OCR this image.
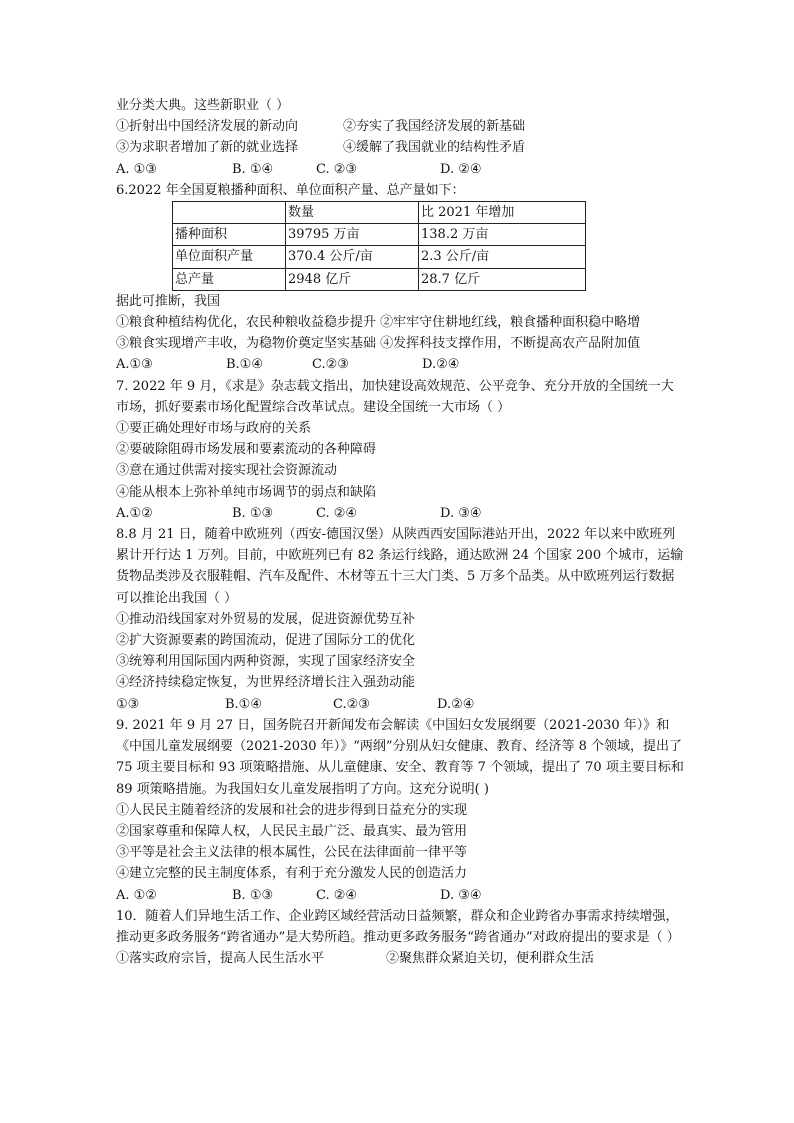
业分类大典。这些新职业（ ）
①折射出中国经济发展的新动向	②夯实了我国经济发展的新基础
③为求职者增加了新的就业选择	④缓解了我国就业的结构性矛盾
A. ①③	B. ①④	C. ②③	D. ②④
6.2022 年全国夏粮播种面积、单位面积产量、总产量如下：
	数量	比 2021 年增加
播种面积	39795 万亩	138.2 万亩
单位面积产量	370.4 公斤/亩	2.3 公斤/亩
总产量	2948 亿斤	28.7 亿斤
据此可推断，我国
①粮食种植结构优化，农民种粮收益稳步提升 ②牢牢守住耕地红线，粮食播种面积稳中略增
③粮食实现增产丰收，为稳物价奠定坚实基础 ④发挥科技支撑作用，不断提高农产品附加值
A.①③	B.①④	C.②③	D.②④
7. 2022 年 9 月，《求是》杂志载文指出，加快建设高效规范、公平竞争、充分开放的全国统一大市场，抓好要素市场化配置综合改革试点。建设全国统一大市场（ ）
①要正确处理好市场与政府的关系
②要破除阻碍市场发展和要素流动的各种障碍
③意在通过供需对接实现社会资源流动
④能从根本上弥补单纯市场调节的弱点和缺陷
A.①②	B. ①③	C. ②④	D. ③④
8.8 月 21 日，随着中欧班列（西安-德国汉堡）从陕西西安国际港站开出，2022 年以来中欧班列累计开行达 1 万列。目前，中欧班列已有 82 条运行线路，通达欧洲 24 个国家 200 个城市，运输货物品类涉及衣服鞋帽、汽车及配件、木材等五十三大门类、5 万多个品类。从中欧班列运行数据可以推论出我国（ ）
①推动沿线国家对外贸易的发展，促进资源优势互补
②扩大资源要素的跨国流动，促进了国际分工的优化
③统筹利用国际国内两种资源，实现了国家经济安全
④经济持续稳定恢复，为世界经济增长注入强劲动能
①③	B.①④	C.②③	D.②④
9. 2021 年 9 月 27 日，国务院召开新闻发布会解读《中国妇女发展纲要（2021-2030 年）》和《中国儿童发展纲要（2021-2030 年）》“两纲”分别从妇女健康、教育、经济等 8 个领域，提出了 75 项主要目标和 93 项策略措施、从儿童健康、安全、教育等 7 个领域，提出了 70 项主要目标和 89 项策略措施。为我国妇女儿童发展指明了方向。这充分说明( )
①人民民主随着经济的发展和社会的进步得到日益充分的实现
②国家尊重和保障人权，人民民主最广泛、最真实、最为管用
③平等是社会主义法律的根本属性，公民在法律面前一律平等
④建立完整的民主制度体系，有利于充分激发人民的创造活力
A. ①②	B. ①③	C. ②④	D. ③④
10．随着人们异地生活工作、企业跨区域经营活动日益频繁，群众和企业跨省办事需求持续增强，推动更多政务服务“跨省通办”是大势所趋。推动更多政务服务“跨省通办”对政府提出的要求是（ ）
①落实政府宗旨，提高人民生活水平	②聚焦群众紧迫关切，便利群众生活
